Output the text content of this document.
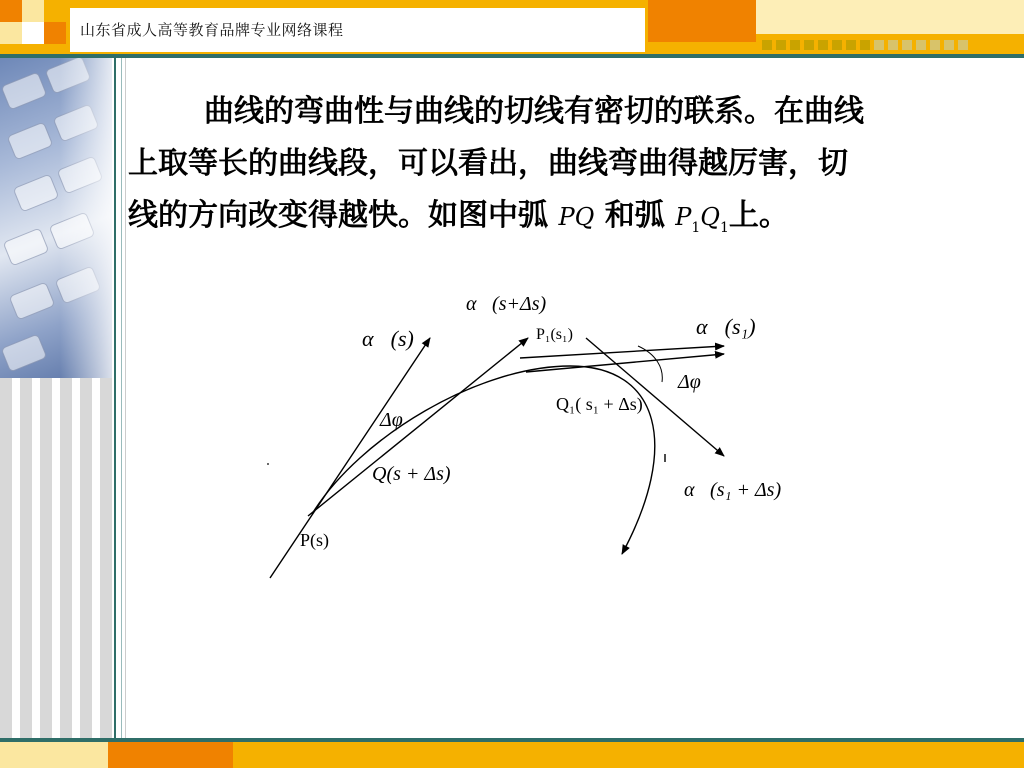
山东省成人高等教育品牌专业网络课程
曲线的弯曲性与曲线的切线有密切的联系。在曲线
上取等长的曲线段，可以看出，曲线弯曲得越厉害，切
线的方向改变得越快。如图中弧 PQ 和弧 $P_1Q_1$上。
α⃗(s+Δs)
α⃗(s)	P₁(s₁)	α⃗(s₁)
Δφ
Q₁( s₁ + Δs)
Δφ
Q(s + Δs)
α⃗(s₁ + Δs)
P(s)
